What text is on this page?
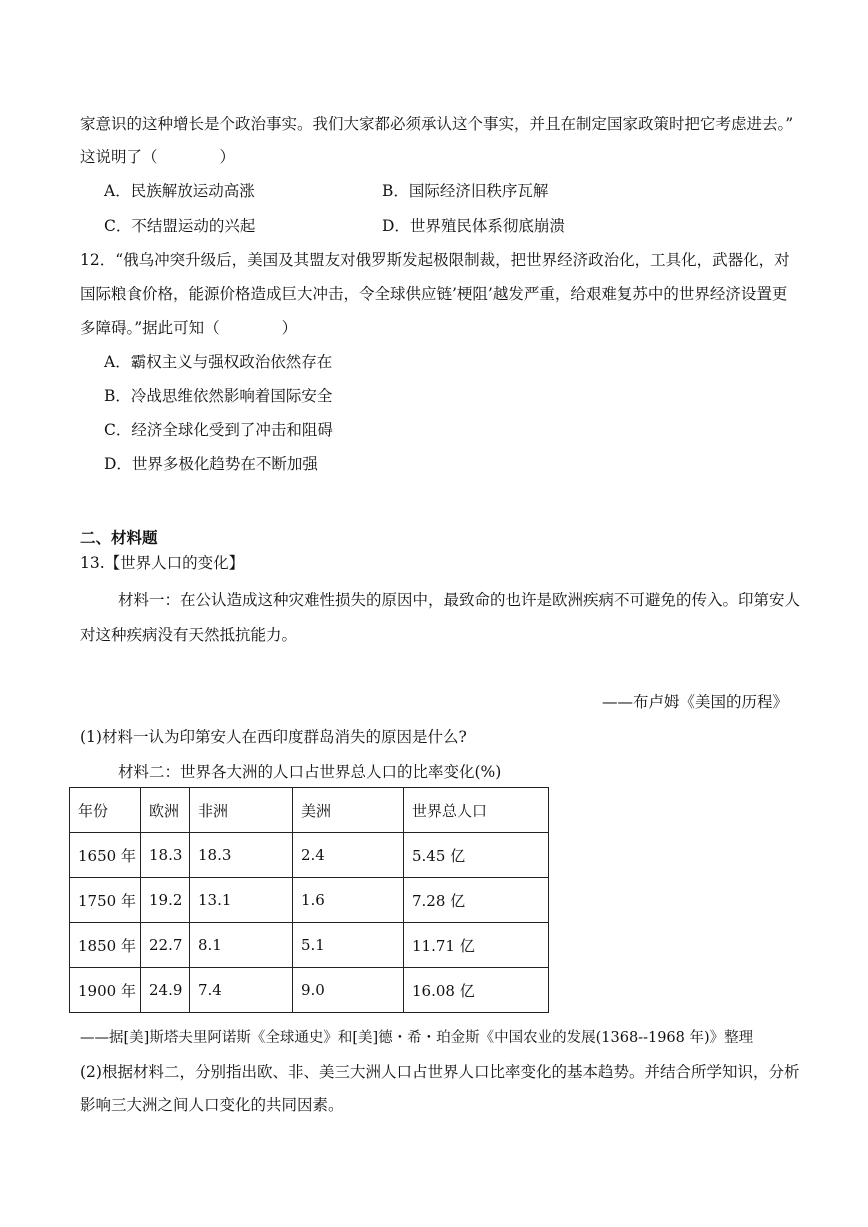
家意识的这种增长是个政治事实。我们大家都必须承认这个事实，并且在制定国家政策时把它考虑进去。”
这说明了（　　　　）
A．民族解放运动高涨	B．国际经济旧秩序瓦解
C．不结盟运动的兴起	D．世界殖民体系彻底崩溃
12．“俄乌冲突升级后，美国及其盟友对俄罗斯发起极限制裁，把世界经济政治化，工具化，武器化，对
国际粮食价格，能源价格造成巨大冲击，令全球供应链’梗阻’越发严重，给艰难复苏中的世界经济设置更
多障碍。”据此可知（　　　　）
A．霸权主义与强权政治依然存在
B．冷战思维依然影响着国际安全
C．经济全球化受到了冲击和阻碍
D．世界多极化趋势在不断加强
二、材料题
13.【世界人口的变化】
材料一：在公认造成这种灾难性损失的原因中，最致命的也许是欧洲疾病不可避免的传入。印第安人
对这种疾病没有天然抵抗能力。
——布卢姆《美国的历程》
(1)材料一认为印第安人在西印度群岛消失的原因是什么?
材料二：世界各大洲的人口占世界总人口的比率变化(%)
年份	欧洲	非洲	美洲	世界总人口
1650 年	18.3	18.3	2.4	5.45 亿
1750 年	19.2	13.1	1.6	7.28 亿
1850 年	22.7	8.1	5.1	11.71 亿
1900 年	24.9	7.4	9.0	16.08 亿
——据[美]斯塔夫里阿诺斯《全球通史》和[美]德・希・珀金斯《中国农业的发展(1368--1968 年)》整理
(2)根据材料二，分别指出欧、非、美三大洲人口占世界人口比率变化的基本趋势。并结合所学知识，分析
影响三大洲之间人口变化的共同因素。
